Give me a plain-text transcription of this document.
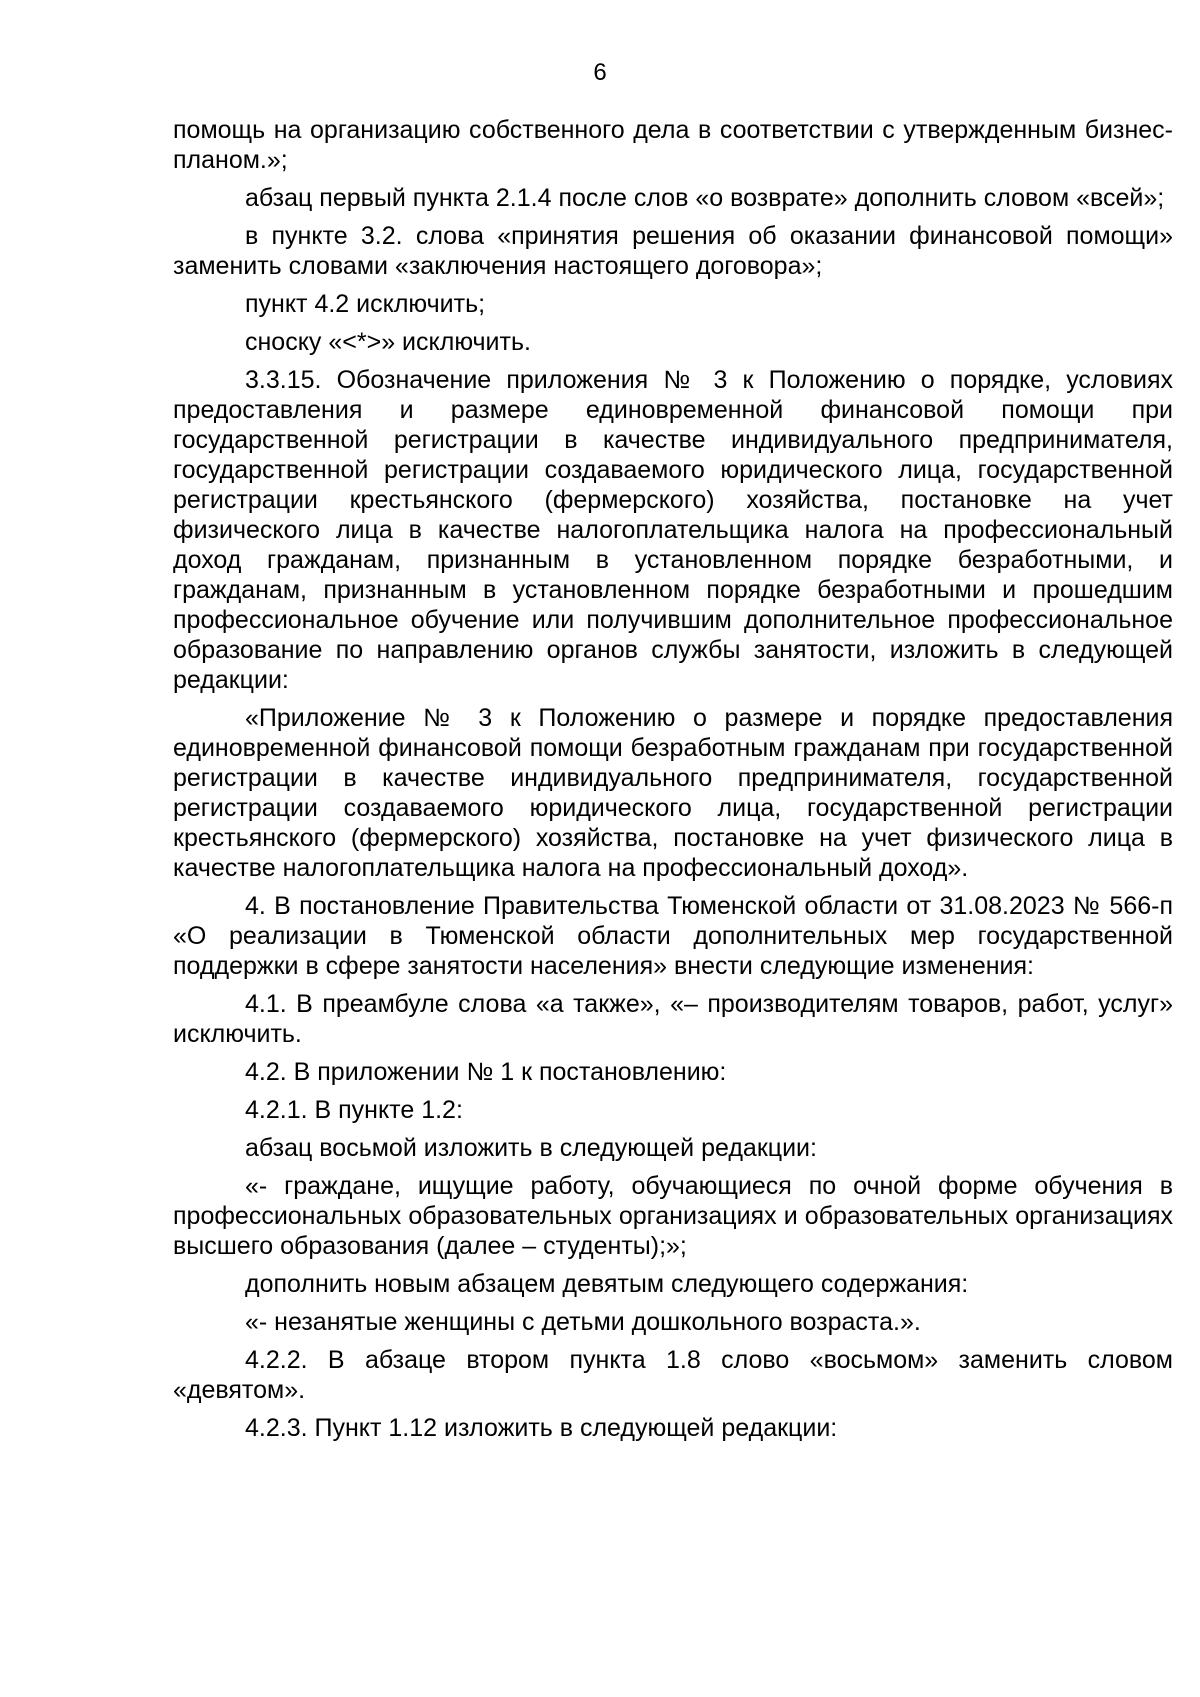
6

помощь на организацию собственного дела в соответствии с утвержденным бизнес-планом.»;

абзац первый пункта 2.1.4 после слов «о возврате» дополнить словом «всей»;

в пункте 3.2. слова «принятия решения об оказании финансовой помощи» заменить словами «заключения настоящего договора»;

пункт 4.2 исключить;

сноску «<*>» исключить.

3.3.15. Обозначение приложения № 3 к Положению о порядке, условиях предоставления и размере единовременной финансовой помощи при государственной регистрации в качестве индивидуального предпринимателя, государственной регистрации создаваемого юридического лица, государственной регистрации крестьянского (фермерского) хозяйства, постановке на учет физического лица в качестве налогоплательщика налога на профессиональный доход гражданам, признанным в установленном порядке безработными, и гражданам, признанным в установленном порядке безработными и прошедшим профессиональное обучение или получившим дополнительное профессиональное образование по направлению органов службы занятости, изложить в следующей редакции:

«Приложение № 3 к Положению о размере и порядке предоставления единовременной финансовой помощи безработным гражданам при государственной регистрации в качестве индивидуального предпринимателя, государственной регистрации создаваемого юридического лица, государственной регистрации крестьянского (фермерского) хозяйства, постановке на учет физического лица в качестве налогоплательщика налога на профессиональный доход».

4. В постановление Правительства Тюменской области от 31.08.2023 № 566-п «О реализации в Тюменской области дополнительных мер государственной поддержки в сфере занятости населения» внести следующие изменения:

4.1. В преамбуле слова «а также», «– производителям товаров, работ, услуг» исключить.

4.2. В приложении № 1 к постановлению:

4.2.1. В пункте 1.2:

абзац восьмой изложить в следующей редакции:

«- граждане, ищущие работу, обучающиеся по очной форме обучения в профессиональных образовательных организациях и образовательных организациях высшего образования (далее – студенты);»;

дополнить новым абзацем девятым следующего содержания:

«- незанятые женщины с детьми дошкольного возраста.».

4.2.2. В абзаце втором пункта 1.8 слово «восьмом» заменить словом «девятом».

4.2.3. Пункт 1.12 изложить в следующей редакции:
